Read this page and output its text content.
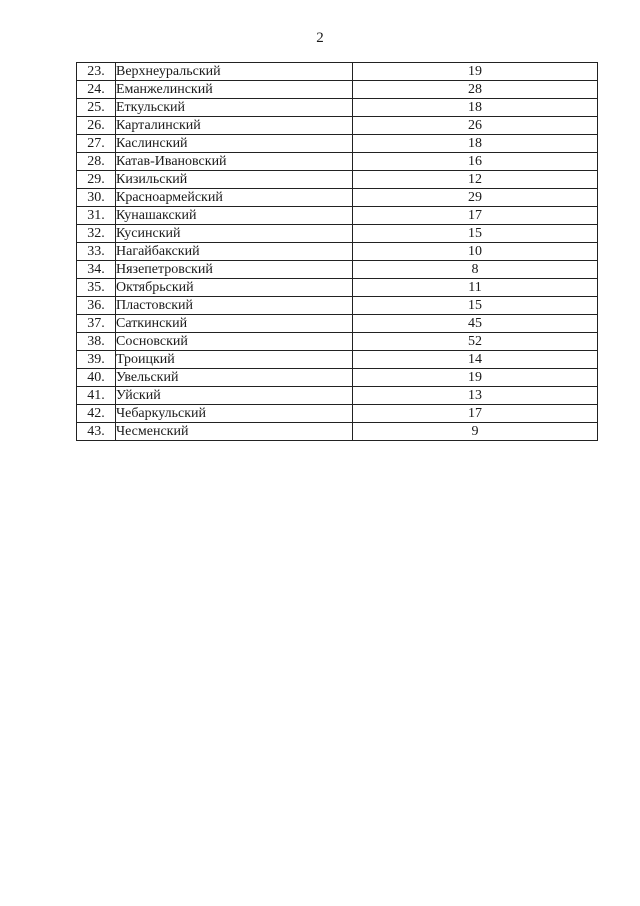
2
23.	Верхнеуральский	19
24.	Еманжелинский	28
25.	Еткульский	18
26.	Карталинский	26
27.	Каслинский	18
28.	Катав-Ивановский	16
29.	Кизильский	12
30.	Красноармейский	29
31.	Кунашакский	17
32.	Кусинский	15
33.	Нагайбакский	10
34.	Нязепетровский	8
35.	Октябрьский	11
36.	Пластовский	15
37.	Саткинский	45
38.	Сосновский	52
39.	Троицкий	14
40.	Увельский	19
41.	Уйский	13
42.	Чебаркульский	17
43.	Чесменский	9
